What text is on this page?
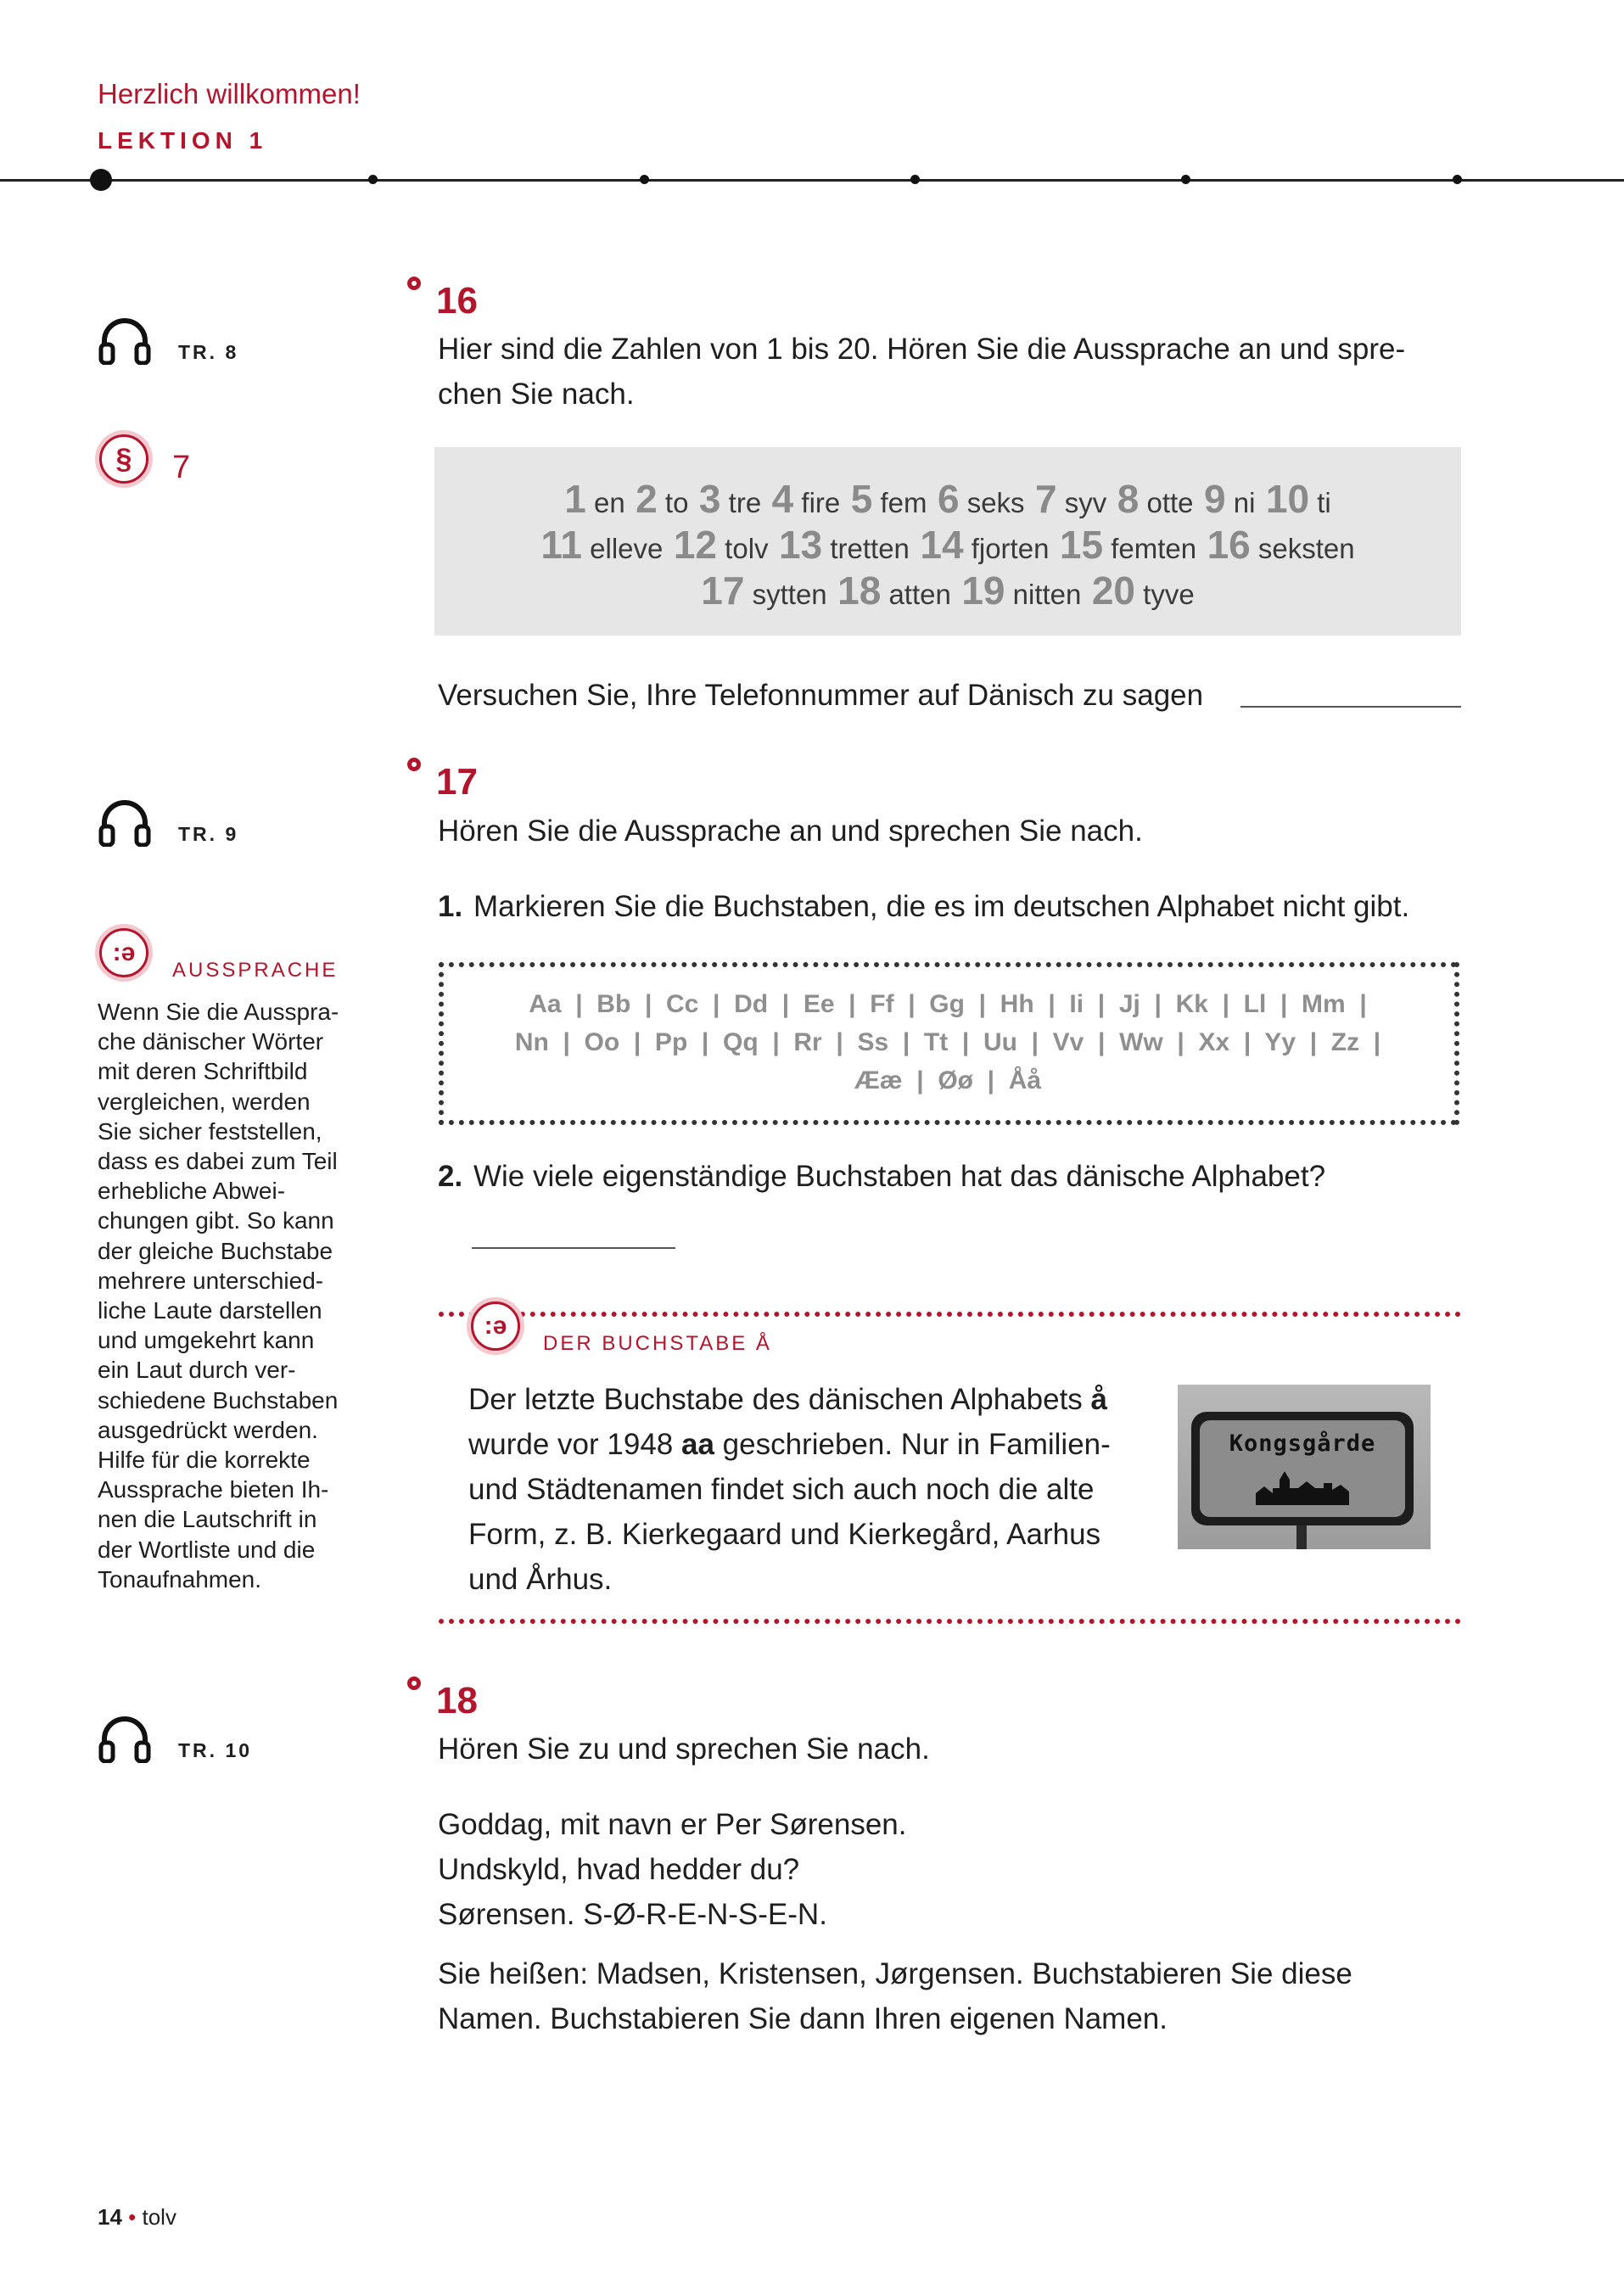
Herzlich willkommen!
LEKTION 1
TR. 8
§	7
TR. 9
:ə
AUSSPRACHE
Wenn Sie die Ausspra-
che dänischer Wörter
mit deren Schriftbild
vergleichen, werden
Sie sicher feststellen,
dass es dabei zum Teil
erhebliche Abwei-
chungen gibt. So kann
der gleiche Buchstabe
mehrere unterschied-
liche Laute darstellen
und umgekehrt kann
ein Laut durch ver-
schiedene Buchstaben
ausgedrückt werden.
Hilfe für die korrekte
Aussprache bieten Ih-
nen die Lautschrift in
der Wortliste und die
Tonaufnahmen.
TR. 10
16
Hier sind die Zahlen von 1 bis 20. Hören Sie die Aussprache an und spre-
chen Sie nach.
1 en  2 to  3 tre  4 fire  5 fem  6 seks  7 syv  8 otte  9 ni  10 ti
11 elleve  12 tolv  13 tretten  14 fjorten  15 femten  16 seksten
17 sytten  18 atten  19 nitten  20 tyve
Versuchen Sie, Ihre Telefonnummer auf Dänisch zu sagen
17
Hören Sie die Aussprache an und sprechen Sie nach.
1. Markieren Sie die Buchstaben, die es im deutschen Alphabet nicht gibt.
Aa  |  Bb  |  Cc  |  Dd  |  Ee  |  Ff  |  Gg  |  Hh  |  Ii  |  Jj  |  Kk  |  Ll  |  Mm  |
Nn  |  Oo  |  Pp  |  Qq  |  Rr  |  Ss  |  Tt  |  Uu  |  Vv  |  Ww  |  Xx  |  Yy  |  Zz  |
Ææ  |  Øø  |  Åå
2. Wie viele eigenständige Buchstaben hat das dänische Alphabet?
:ə
DER BUCHSTABE Å
Der letzte Buchstabe des dänischen Alphabets å
wurde vor 1948 aa geschrieben. Nur in Familien-
und Städtenamen findet sich auch noch die alte
Form, z. B. Kierkegaard und Kierkegård, Aarhus
und Århus.
Kongsgårde
18
Hören Sie zu und sprechen Sie nach.
Goddag, mit navn er Per Sørensen.
Undskyld, hvad hedder du?
Sørensen. S-Ø-R-E-N-S-E-N.
Sie heißen: Madsen, Kristensen, Jørgensen. Buchstabieren Sie diese
Namen. Buchstabieren Sie dann Ihren eigenen Namen.
14 • tolv
